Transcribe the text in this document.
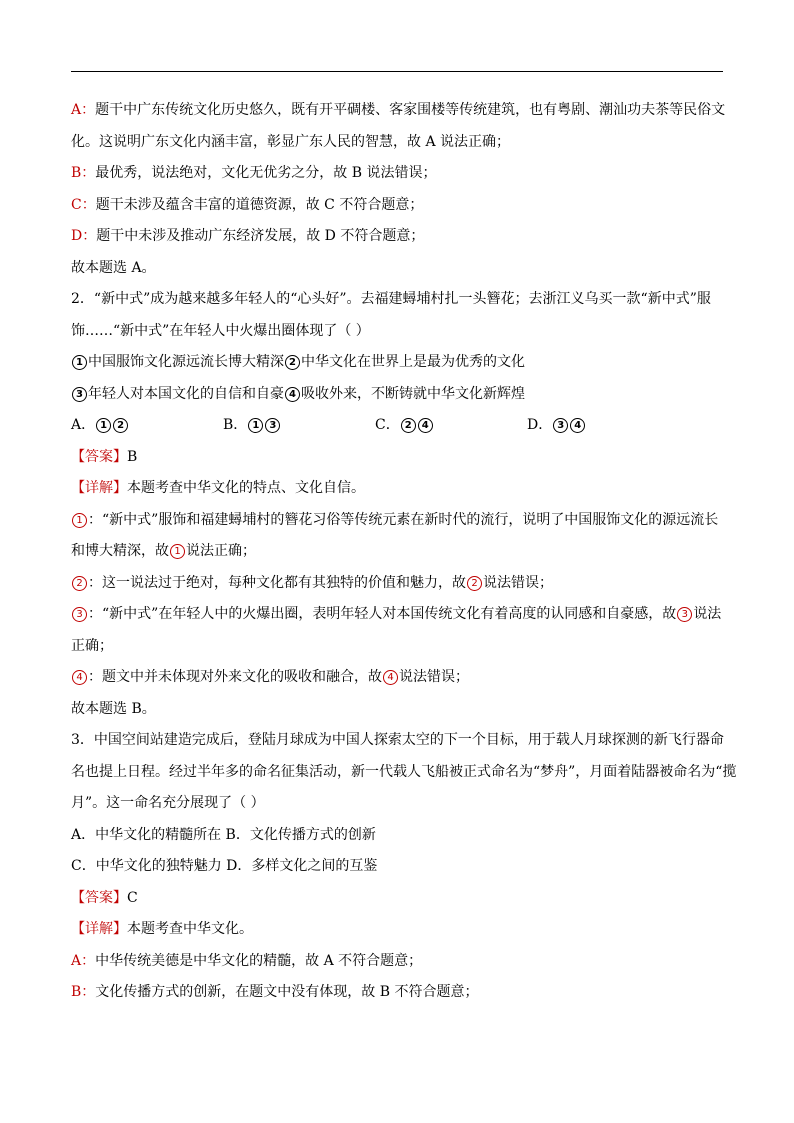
A：题干中广东传统文化历史悠久，既有开平碉楼、客家围楼等传统建筑，也有粤剧、潮汕功夫茶等民俗文
化。这说明广东文化内涵丰富，彰显广东人民的智慧，故 A 说法正确；
B：最优秀，说法绝对，文化无优劣之分，故 B 说法错误；
C：题干未涉及蕴含丰富的道德资源，故 C 不符合题意；
D：题干中未涉及推动广东经济发展，故 D 不符合题意；
故本题选 A。
2．“新中式”成为越来越多年轻人的“心头好”。去福建蟳埔村扎一头簪花；去浙江义乌买一款“新中式”服
饰……“新中式”在年轻人中火爆出圈体现了（ ）
1 中国服饰文化源远流长博大精深 2 中华文化在世界上是最为优秀的文化
3 年轻人对本国文化的自信和自豪 4 吸收外来，不断铸就中华文化新辉煌
A． 1 2	B． 1 3	C． 2 4	D． 3 4
【答案】B
【详解】本题考查中华文化的特点、文化自信。
1 ：“新中式”服饰和福建蟳埔村的簪花习俗等传统元素在新时代的流行，说明了中国服饰文化的源远流长
和博大精深，故 1 说法正确；
2 ：这一说法过于绝对，每种文化都有其独特的价值和魅力，故 2 说法错误；
3 ：“新中式”在年轻人中的火爆出圈，表明年轻人对本国传统文化有着高度的认同感和自豪感，故 3 说法
正确；
4 ：题文中并未体现对外来文化的吸收和融合，故 4 说法错误；
故本题选 B。
3．中国空间站建造完成后，登陆月球成为中国人探索太空的下一个目标，用于载人月球探测的新飞行器命
名也提上日程。经过半年多的命名征集活动，新一代载人飞船被正式命名为“梦舟”，月面着陆器被命名为“揽
月”。这一命名充分展现了（ ）
A．中华文化的精髓所在 B．文化传播方式的创新
C．中华文化的独特魅力 D．多样文化之间的互鉴
【答案】C
【详解】本题考查中华文化。
A：中华传统美德是中华文化的精髓，故 A 不符合题意；
B：文化传播方式的创新，在题文中没有体现，故 B 不符合题意；
